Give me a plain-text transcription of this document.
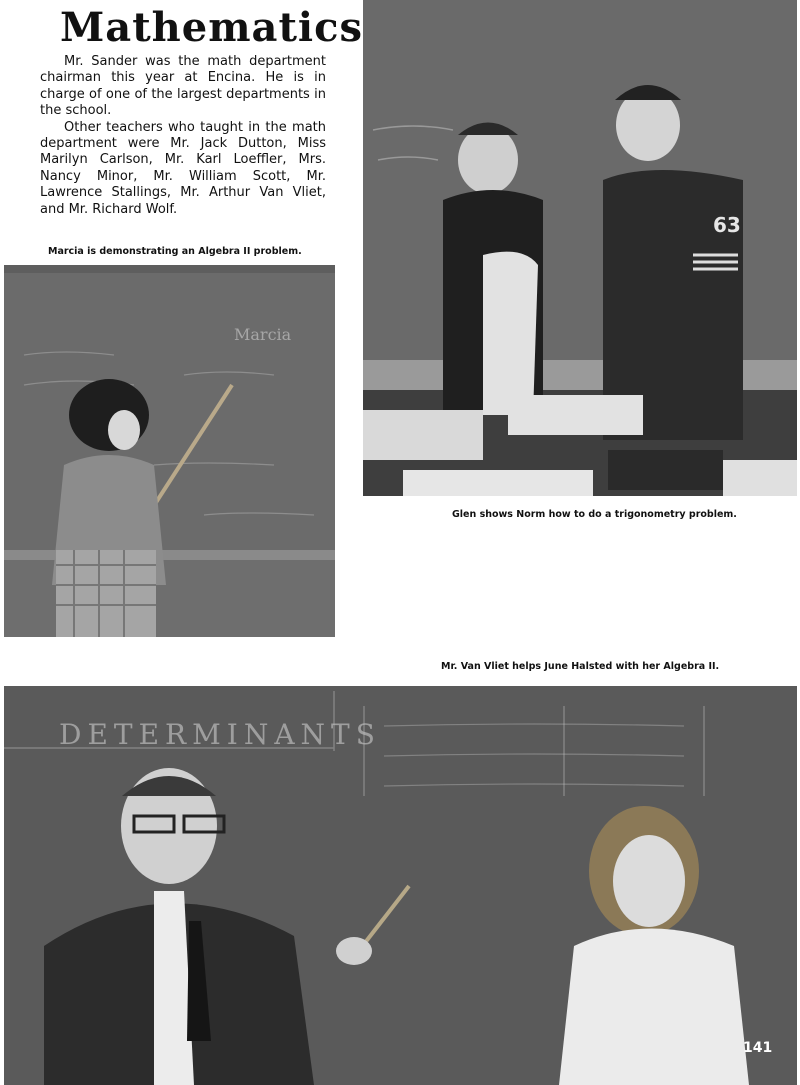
Mathematics

Mr. Sander was the math department chairman this year at Encina. He is in charge of one of the largest departments in the school.

Other teachers who taught in the math department were Mr. Jack Dutton, Miss Marilyn Carlson, Mr. Karl Loeffler, Mrs. Nancy Minor, Mr. William Scott, Mr. Lawrence Stallings, Mr. Arthur Van Vliet, and Mr. Richard Wolf.

Marcia is demonstrating an Algebra II problem.
Marcia
63
Glen shows Norm how to do a trigonometry problem.
Mr. Van Vliet helps June Halsted with her Algebra II.
DETERMINANTS
141
